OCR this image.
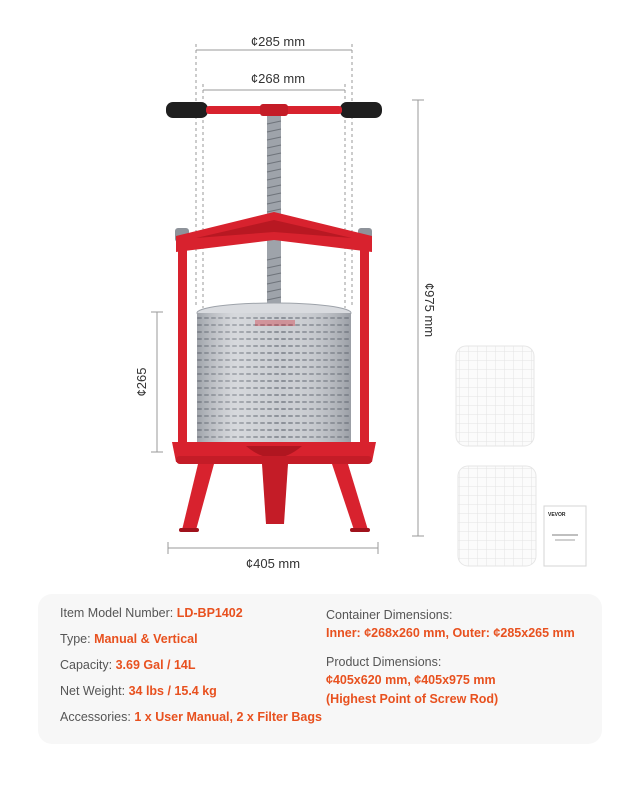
¢285 mm
¢268 mm
¢975 mm
¢265
¢405 mm
VEVOR
Item Model Number: LD-BP1402
Type: Manual & Vertical
Capacity: 3.69 Gal / 14L
Net Weight: 34 lbs / 15.4 kg
Accessories: 1 x User Manual, 2 x Filter Bags
Container Dimensions:
Inner: ¢268x260 mm, Outer: ¢285x265 mm
Product Dimensions:
¢405x620 mm, ¢405x975 mm
(Highest Point of Screw Rod)
